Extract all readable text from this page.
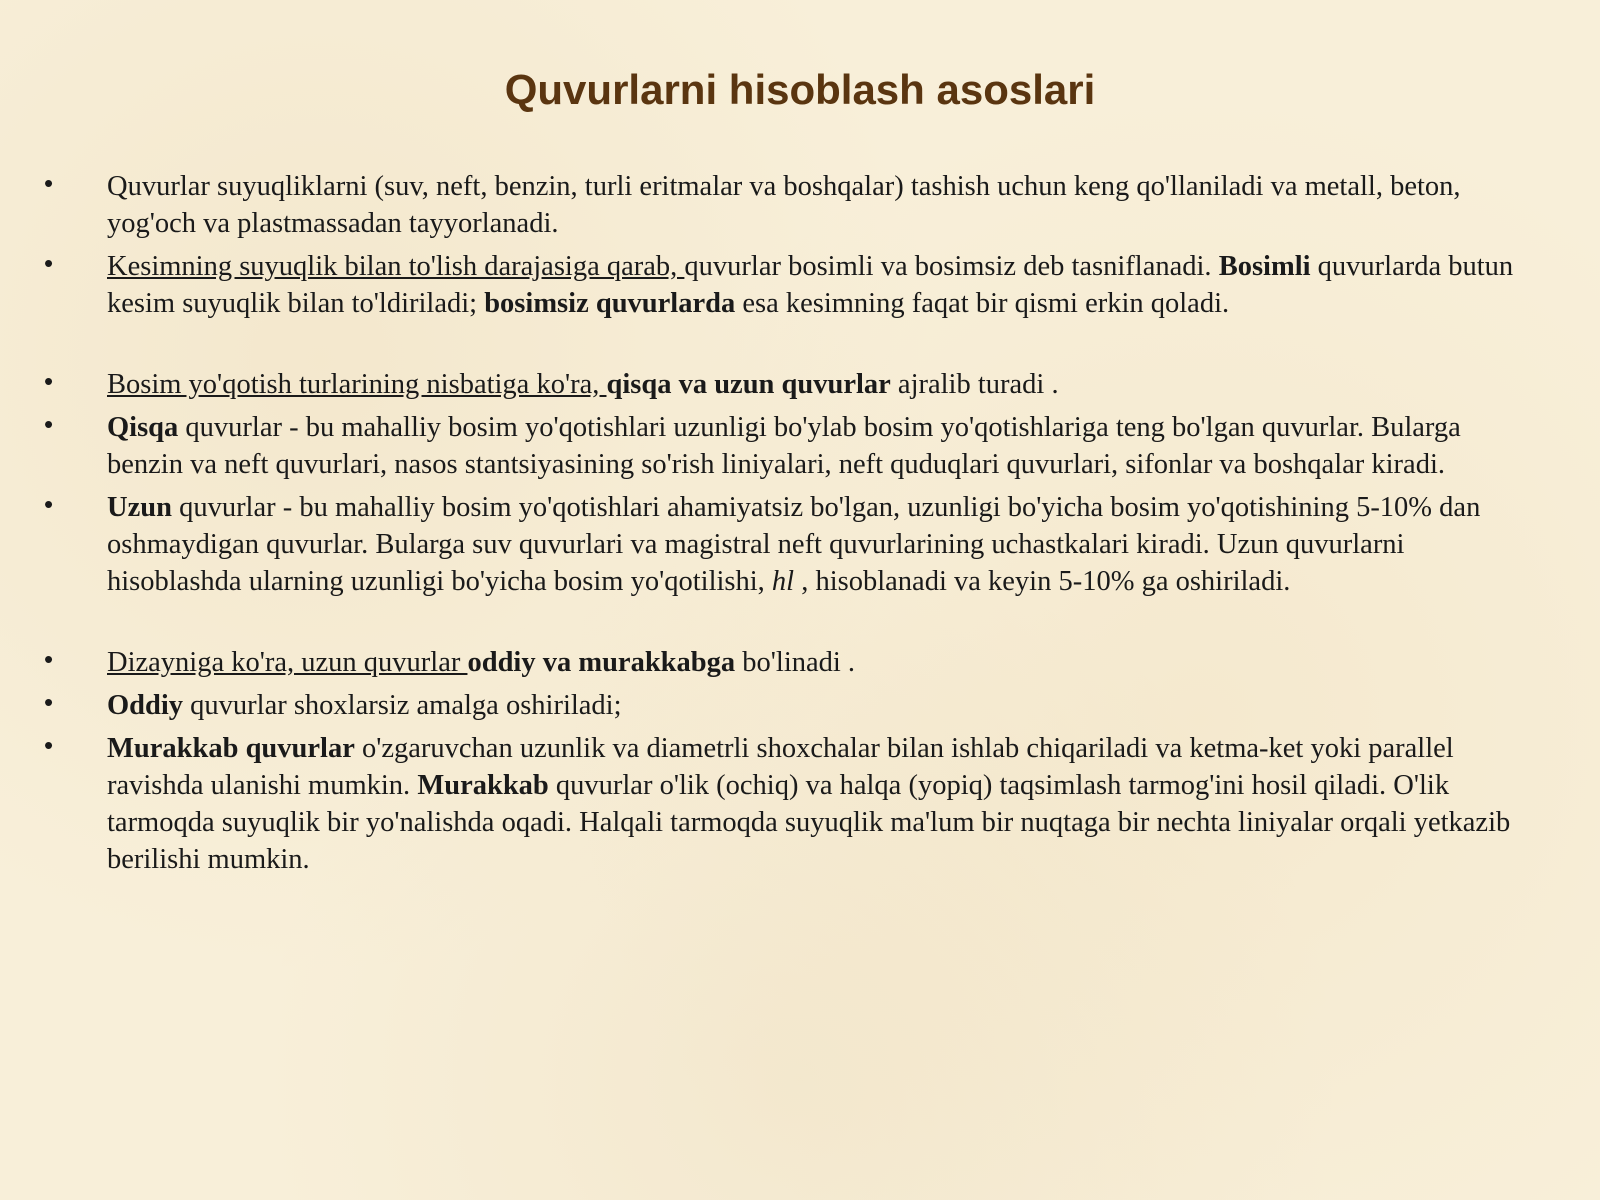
Quvurlarni hisoblash asoslari
• Quvurlar suyuqliklarni (suv, neft, benzin, turli eritmalar va boshqalar) tashish uchun keng qo'llaniladi va metall, beton, yog'och va plastmassadan tayyorlanadi.
• Kesimning suyuqlik bilan to'lish darajasiga qarab, quvurlar bosimli va bosimsiz deb tasniflanadi. Bosimli quvurlarda butun kesim suyuqlik bilan to'ldiriladi; bosimsiz quvurlarda esa kesimning faqat bir qismi erkin qoladi.
• Bosim yo'qotish turlarining nisbatiga ko'ra, qisqa va uzun quvurlar ajralib turadi .
• Qisqa quvurlar - bu mahalliy bosim yo'qotishlari uzunligi bo'ylab bosim yo'qotishlariga teng bo'lgan quvurlar. Bularga benzin va neft quvurlari, nasos stantsiyasining so'rish liniyalari, neft quduqlari quvurlari, sifonlar va boshqalar kiradi.
• Uzun quvurlar - bu mahalliy bosim yo'qotishlari ahamiyatsiz bo'lgan, uzunligi bo'yicha bosim yo'qotishining 5-10% dan oshmaydigan quvurlar. Bularga suv quvurlari va magistral neft quvurlarining uchastkalari kiradi. Uzun quvurlarni hisoblashda ularning uzunligi bo'yicha bosim yo'qotilishi, hl , hisoblanadi va keyin 5-10% ga oshiriladi.
• Dizayniga ko'ra, uzun quvurlar oddiy va murakkabga bo'linadi .
• Oddiy quvurlar shoxlarsiz amalga oshiriladi;
• Murakkab quvurlar o'zgaruvchan uzunlik va diametrli shoxchalar bilan ishlab chiqariladi va ketma-ket yoki parallel ravishda ulanishi mumkin. Murakkab quvurlar o'lik (ochiq) va halqa (yopiq) taqsimlash tarmog'ini hosil qiladi. O'lik tarmoqda suyuqlik bir yo'nalishda oqadi. Halqali tarmoqda suyuqlik ma'lum bir nuqtaga bir nechta liniyalar orqali yetkazib berilishi mumkin.
